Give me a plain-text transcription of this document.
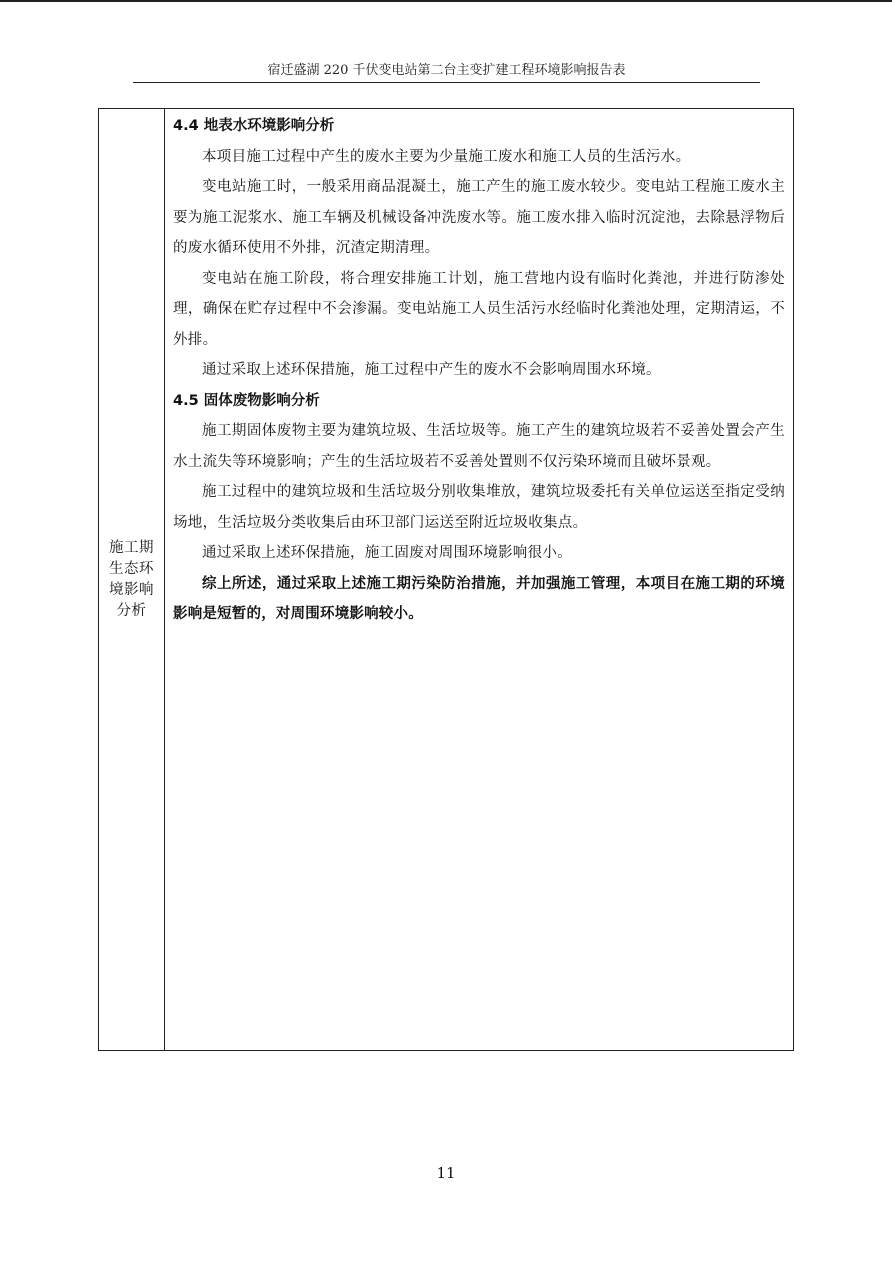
宿迁盛湖 220 千伏变电站第二台主变扩建工程环境影响报告表
施工期生态环境影响分析
4.4 地表水环境影响分析

本项目施工过程中产生的废水主要为少量施工废水和施工人员的生活污水。

变电站施工时，一般采用商品混凝土，施工产生的施工废水较少。变电站工程施工废水主要为施工泥浆水、施工车辆及机械设备冲洗废水等。施工废水排入临时沉淀池，去除悬浮物后的废水循环使用不外排，沉渣定期清理。

变电站在施工阶段，将合理安排施工计划，施工营地内设有临时化粪池，并进行防渗处理，确保在贮存过程中不会渗漏。变电站施工人员生活污水经临时化粪池处理，定期清运，不外排。

通过采取上述环保措施，施工过程中产生的废水不会影响周围水环境。

4.5 固体废物影响分析

施工期固体废物主要为建筑垃圾、生活垃圾等。施工产生的建筑垃圾若不妥善处置会产生水土流失等环境影响；产生的生活垃圾若不妥善处置则不仅污染环境而且破坏景观。

施工过程中的建筑垃圾和生活垃圾分别收集堆放，建筑垃圾委托有关单位运送至指定受纳场地，生活垃圾分类收集后由环卫部门运送至附近垃圾收集点。

通过采取上述环保措施，施工固废对周围环境影响很小。

综上所述，通过采取上述施工期污染防治措施，并加强施工管理，本项目在施工期的环境影响是短暂的，对周围环境影响较小。

11
